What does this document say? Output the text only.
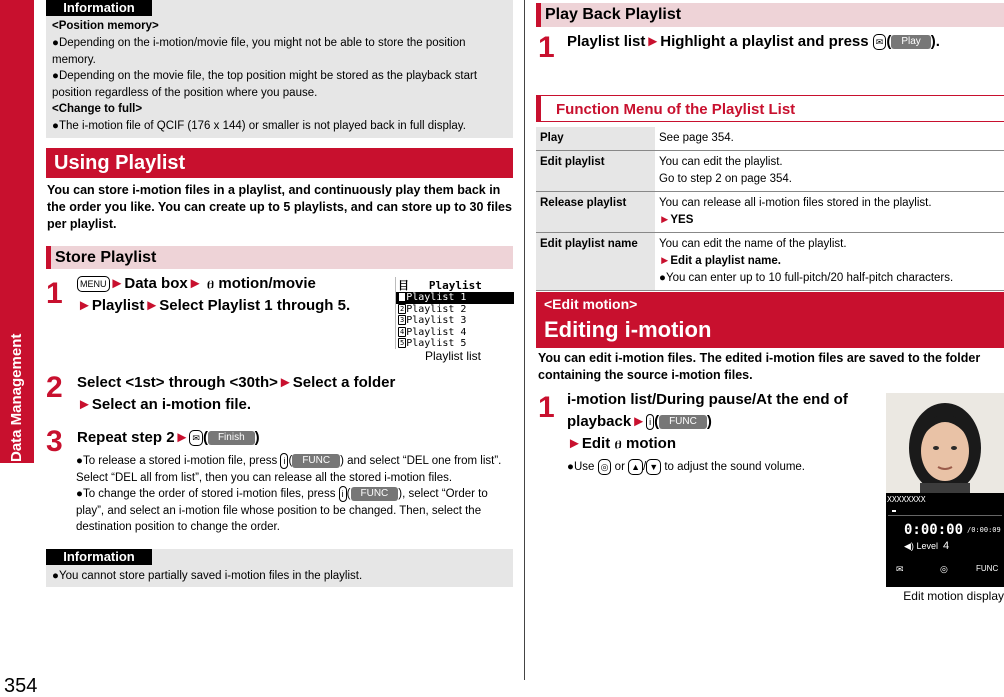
Data Management
354
Information
<Position memory>
●Depending on the i-motion/movie file, you might not be able to store the position memory.
●Depending on the movie file, the top position might be stored as the playback start position regardless of the position where you pause.
<Change to full>
●The i-motion file of QCIF (176 x 144) or smaller is not played back in full display.
Using Playlist
You can store i-motion files in a playlist, and continuously play them back in the order you like. You can create up to 5 playlists, and can store up to 30 files per playlist.
Store Playlist
1	MENU ►Data box► ፀ motion/movie
►Playlist►Select Playlist 1 through 5.
目 Playlist
1 Playlist 1
2 Playlist 2
3 Playlist 3
4 Playlist 4
5 Playlist 5
Playlist list
2 Select <1st> through <30th>►Select a folder
►Select an i-motion file.
3 Repeat step 2► ✉ ( Finish )
●To release a stored i-motion file, press i ( FUNC ) and select “DEL one from list”. Select “DEL all from list”, then you can release all the stored i-motion files.
●To change the order of stored i-motion files, press i ( FUNC ), select “Order to play”, and select an i-motion file whose position to be changed. Then, select the destination position to change the order.
Information
●You cannot store partially saved i-motion files in the playlist.
Play Back Playlist
1 Playlist list►Highlight a playlist and press ✉ ( Play ).
Function Menu of the Playlist List
Play	See page 354.

Edit playlist	You can edit the playlist.
Go to step 2 on page 354.

Release playlist	You can release all i-motion files stored in the playlist.
►YES

Edit playlist name	You can edit the name of the playlist.
►Edit a playlist name.
●You can enter up to 10 full-pitch/20 half-pitch characters.
<Edit motion>
Editing i-motion
You can edit i-motion files. The edited i-motion files are saved to the folder containing the source i-motion files.
1 i-motion list/During pause/At the end of playback► i ( FUNC )
►Edit ፀ motion
●Use ◎ or ▲ / ▼ to adjust the sound volume.
XXXXXXXX
0:00:00 /0:00:09
◀) Level 4
✉	◎	FUNC
Edit motion display
